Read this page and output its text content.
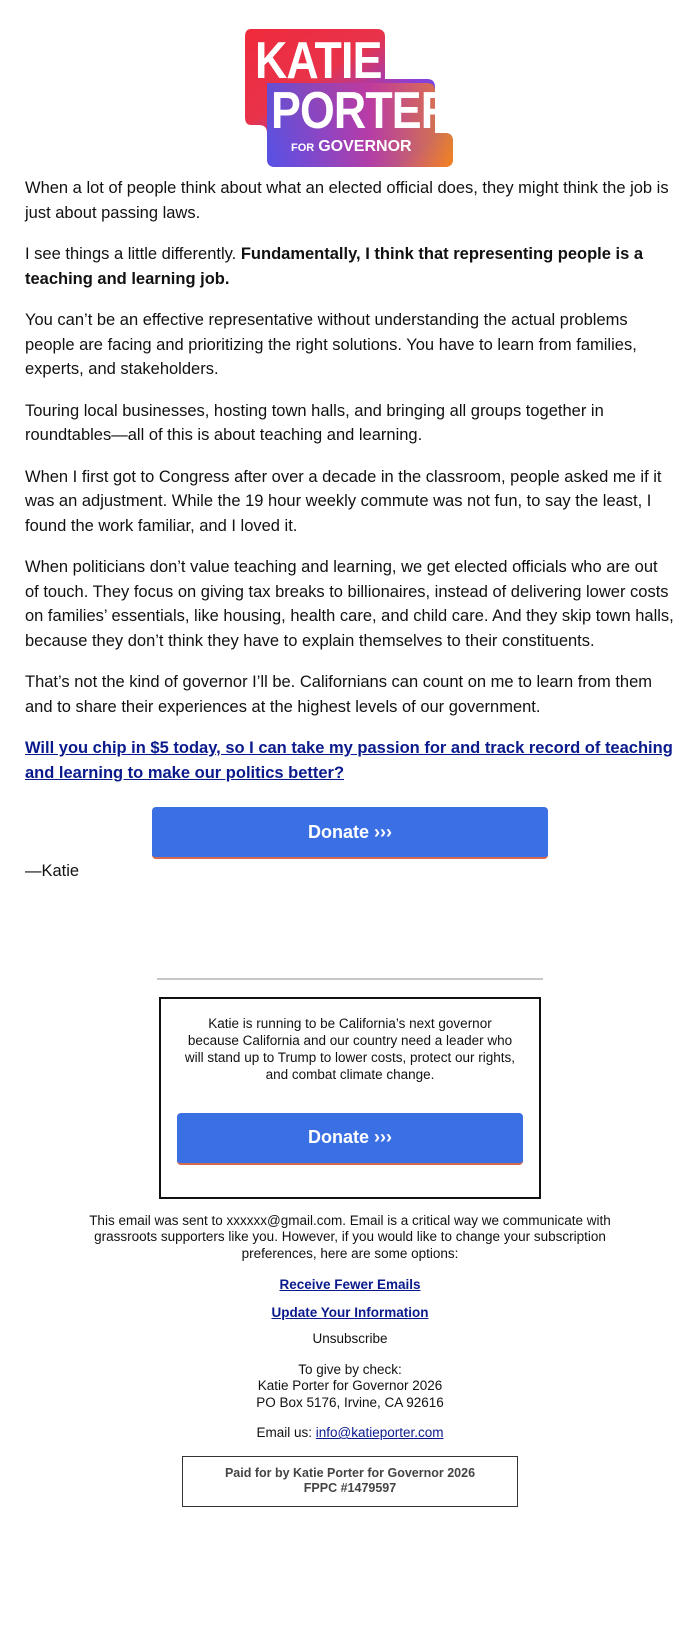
KATIE
PORTER
FOR GOVERNOR

When a lot of people think about what an elected official does, they might think the job is just about passing laws.

I see things a little differently. Fundamentally, I think that representing people is a teaching and learning job.

You can’t be an effective representative without understanding the actual problems people are facing and prioritizing the right solutions. You have to learn from families, experts, and stakeholders.

Touring local businesses, hosting town halls, and bringing all groups together in roundtables—all of this is about teaching and learning.

When I first got to Congress after over a decade in the classroom, people asked me if it was an adjustment. While the 19 hour weekly commute was not fun, to say the least, I found the work familiar, and I loved it.

When politicians don’t value teaching and learning, we get elected officials who are out of touch. They focus on giving tax breaks to billionaires, instead of delivering lower costs on families’ essentials, like housing, health care, and child care. And they skip town halls, because they don’t think they have to explain themselves to their constituents.

That’s not the kind of governor I’ll be. Californians can count on me to learn from them and to share their experiences at the highest levels of our government.

Will you chip in $5 today, so I can take my passion for and track record of teaching and learning to make our politics better?

Donate ›››

—Katie

Katie is running to be California’s next governor because California and our country need a leader who will stand up to Trump to lower costs, protect our rights, and combat climate change.

Donate ›››

This email was sent to xxxxxx@gmail.com. Email is a critical way we communicate with grassroots supporters like you. However, if you would like to change your subscription preferences, here are some options:

Receive Fewer Emails

Update Your Information

Unsubscribe

To give by check:

Katie Porter for Governor 2026

PO Box 5176, Irvine, CA 92616

Email us: info@katieporter.com

Paid for by Katie Porter for Governor 2026
FPPC #1479597
